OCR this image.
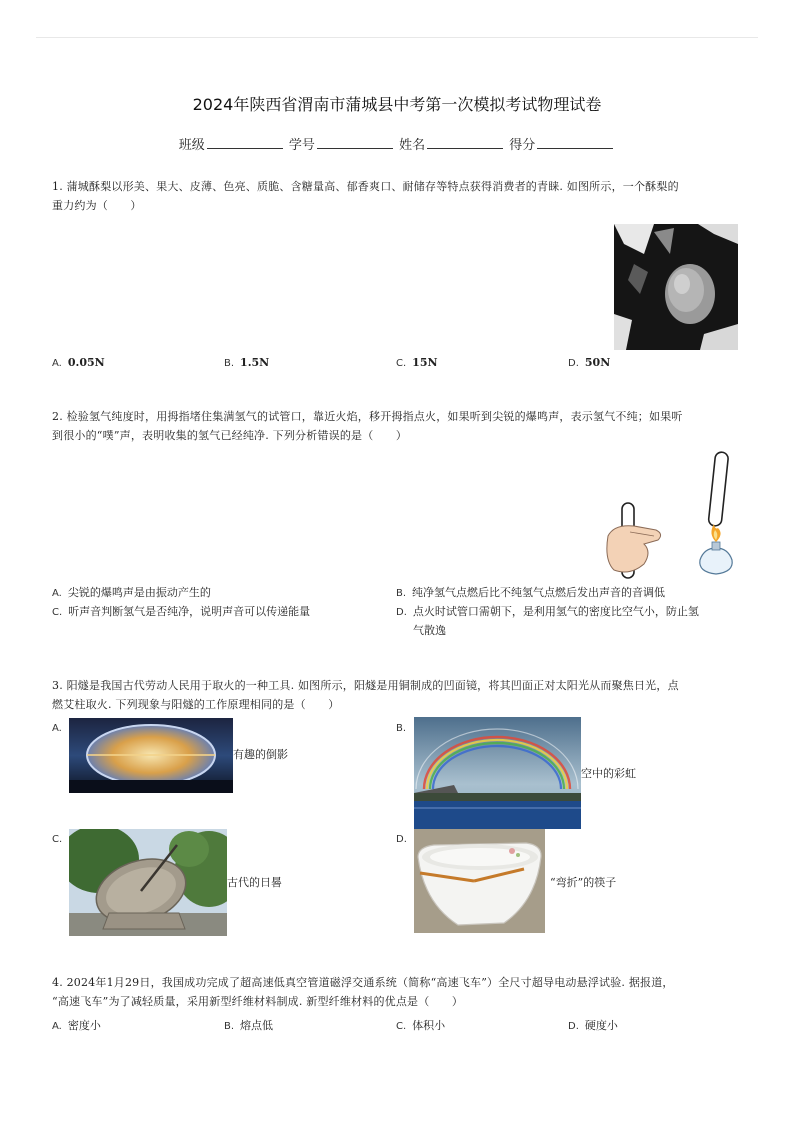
2024年陕西省渭南市蒲城县中考第一次模拟考试物理试卷
班级	学号	姓名	得分
1. 蒲城酥梨以形美、果大、皮薄、色亮、质脆、含糖量高、郁香爽口、耐储存等特点获得消费者的青睐. 如图所示，一个酥梨的
重力约为（　　）
A. 0.05N	B. 1.5N	C. 15N	D. 50N
2. 检验氢气纯度时，用拇指堵住集满氢气的试管口，靠近火焰，移开拇指点火，如果听到尖锐的爆鸣声，表示氢气不纯；如果听
到很小的“噗”声，表明收集的氢气已经纯净. 下列分析错误的是（　　）
A. 尖锐的爆鸣声是由振动产生的	B. 纯净氢气点燃后比不纯氢气点燃后发出声音的音调低
C. 听声音判断氢气是否纯净，说明声音可以传递能量	D. 点火时试管口需朝下，是利用氢气的密度比空气小，防止氢
气散逸
3. 阳燧是我国古代劳动人民用于取火的一种工具. 如图所示，阳燧是用铜制成的凹面镜，将其凹面正对太阳光从而聚焦日光，点
燃艾柱取火. 下列现象与阳燧的工作原理相同的是（　　）
A.
有趣的倒影
B.
空中的彩虹
C.
古代的日晷
D.
“弯折”的筷子
4. 2024年1月29日，我国成功完成了超高速低真空管道磁浮交通系统（简称“高速飞车”）全尺寸超导电动悬浮试验. 据报道，
“高速飞车”为了减轻质量，采用新型纤维材料制成. 新型纤维材料的优点是（　　）
A. 密度小	B. 熔点低	C. 体积小	D. 硬度小
